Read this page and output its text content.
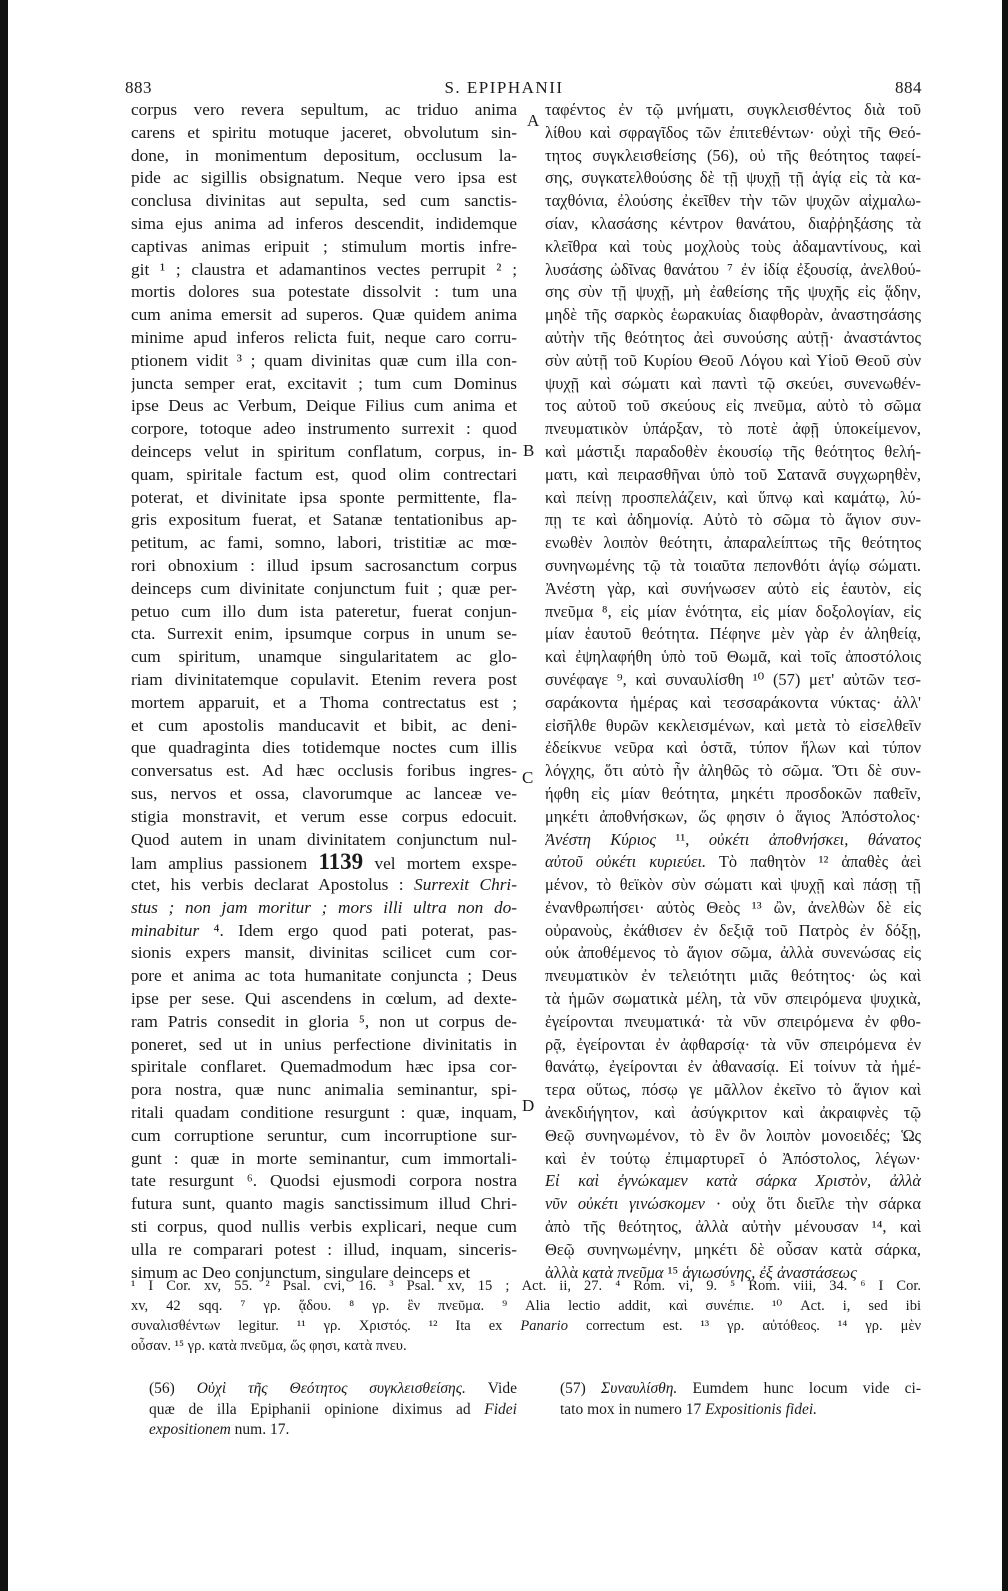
S. EPIPHANII
883	884
corpus vero revera sepultum, ac triduo anima
carens et spiritu motuque jaceret, obvolutum sin-
done, in monimentum depositum, occlusum la-
pide ac sigillis obsignatum. Neque vero ipsa est
conclusa divinitas aut sepulta, sed cum sanctis-
sima ejus anima ad inferos descendit, indidemque
captivas animas eripuit ; stimulum mortis infre-
git ¹ ; claustra et adamantinos vectes perrupit ² ;
mortis dolores sua potestate dissolvit : tum una
cum anima emersit ad superos. Quæ quidem anima
minime apud inferos relicta fuit, neque caro corru-
ptionem vidit ³ ; quam divinitas quæ cum illa con-
juncta semper erat, excitavit ; tum cum Dominus
ipse Deus ac Verbum, Deique Filius cum anima et
corpore, totoque adeo instrumento surrexit : quod
deinceps velut in spiritum conflatum, corpus, in-
quam, spiritale factum est, quod olim contrectari
poterat, et divinitate ipsa sponte permittente, fla-
gris expositum fuerat, et Satanæ tentationibus ap-
petitum, ac fami, somno, labori, tristitiæ ac mœ-
rori obnoxium : illud ipsum sacrosanctum corpus
deinceps cum divinitate conjunctum fuit ; quæ per-
petuo cum illo dum ista pateretur, fuerat conjun-
cta. Surrexit enim, ipsumque corpus in unum se-
cum spiritum, unamque singularitatem ac glo-
riam divinitatemque copulavit. Etenim revera post
mortem apparuit, et a Thoma contrectatus est ;
et cum apostolis manducavit et bibit, ac deni-
que quadraginta dies totidemque noctes cum illis
conversatus est. Ad hæc occlusis foribus ingres-
sus, nervos et ossa, clavorumque ac lanceæ ve-
stigia monstravit, et verum esse corpus edocuit.
Quod autem in unam divinitatem conjunctum nul-
lam amplius passionem 1139 vel mortem exspe-
ctet, his verbis declarat Apostolus : Surrexit Chri-
stus ; non jam moritur ; mors illi ultra non do-
minabitur ⁴. Idem ergo quod pati poterat, pas-
sionis expers mansit, divinitas scilicet cum cor-
pore et anima ac tota humanitate conjuncta ; Deus
ipse per sese. Qui ascendens in cœlum, ad dexte-
ram Patris consedit in gloria ⁵, non ut corpus de-
poneret, sed ut in unius perfectione divinitatis in
spiritale conflaret. Quemadmodum hæc ipsa cor-
pora nostra, quæ nunc animalia seminantur, spi-
ritali quadam conditione resurgunt : quæ, inquam,
cum corruptione seruntur, cum incorruptione sur-
gunt : quæ in morte seminantur, cum immortali-
tate resurgunt ⁶. Quodsi ejusmodi corpora nostra
futura sunt, quanto magis sanctissimum illud Chri-
sti corpus, quod nullis verbis explicari, neque cum
ulla re comparari potest : illud, inquam, sinceris-
simum ac Deo conjunctum, singulare deinceps et
ταφέντος ἐν τῷ μνήματι, συγκλεισθέντος διὰ τοῦ
λίθου καὶ σφραγῖδος τῶν ἐπιτεθέντων· οὐχὶ τῆς Θεό-
τητος συγκλεισθείσης (56), οὐ τῆς θεότητος ταφεί-
σης, συγκατελθούσης δὲ τῇ ψυχῇ τῇ ἁγίᾳ εἰς τὰ κα-
ταχθόνια, ἐλούσης ἐκεῖθεν τὴν τῶν ψυχῶν αἰχμαλω-
σίαν, κλασάσης κέντρον θανάτου, διαῤῥηξάσης τὰ
κλεῖθρα καὶ τοὺς μοχλοὺς τοὺς ἀδαμαντίνους, καὶ
λυσάσης ὠδῖνας θανάτου ⁷ ἐν ἰδίᾳ ἐξουσίᾳ, ἀνελθού-
σης σὺν τῇ ψυχῇ, μὴ ἐαθείσης τῆς ψυχῆς εἰς ᾅδην,
μηδὲ τῆς σαρκὸς ἑωρακυίας διαφθορὰν, ἀναστησάσης
αὐτὴν τῆς θεότητος ἀεὶ συνούσης αὐτῇ· ἀναστάντος
σὺν αὐτῇ τοῦ Κυρίου Θεοῦ Λόγου καὶ Υἱοῦ Θεοῦ σὺν
ψυχῇ καὶ σώματι καὶ παντὶ τῷ σκεύει, συνενωθέν-
τος αὐτοῦ τοῦ σκεύους εἰς πνεῦμα, αὐτὸ τὸ σῶμα
πνευματικὸν ὑπάρξαν, τὸ ποτὲ ἀφῇ ὑποκείμενον,
καὶ μάστιξι παραδοθὲν ἑκουσίῳ τῆς θεότητος θελή-
ματι, καὶ πειρασθῆναι ὑπὸ τοῦ Σατανᾶ συγχωρηθὲν,
καὶ πείνῃ προσπελάζειν, καὶ ὕπνῳ καὶ καμάτῳ, λύ-
πῃ τε καὶ ἀδημονίᾳ. Αὐτὸ τὸ σῶμα τὸ ἅγιον συν-
ενωθὲν λοιπὸν θεότητι, ἀπαραλείπτως τῆς θεότητος
συνηνωμένης τῷ τὰ τοιαῦτα πεπονθότι ἁγίῳ σώματι.
Ἀνέστη γὰρ, καὶ συνήνωσεν αὐτὸ εἰς ἑαυτὸν, εἰς
πνεῦμα ⁸, εἰς μίαν ἑνότητα, εἰς μίαν δοξολογίαν, εἰς
μίαν ἑαυτοῦ θεότητα. Πέφηνε μὲν γὰρ ἐν ἀληθείᾳ,
καὶ ἐψηλαφήθη ὑπὸ τοῦ Θωμᾶ, καὶ τοῖς ἀποστόλοις
συνέφαγε ⁹, καὶ συναυλίσθη ¹⁰ (57) μετ' αὐτῶν τεσ-
σαράκοντα ἡμέρας καὶ τεσσαράκοντα νύκτας· ἀλλ'
εἰσῆλθε θυρῶν κεκλεισμένων, καὶ μετὰ τὸ εἰσελθεῖν
ἐδείκνυε νεῦρα καὶ ὀστᾶ, τύπον ἥλων καὶ τύπον
λόγχης, ὅτι αὐτὸ ἦν ἀληθῶς τὸ σῶμα. Ὅτι δὲ συν-
ήφθη εἰς μίαν θεότητα, μηκέτι προσδοκῶν παθεῖν,
μηκέτι ἀποθνήσκων, ὥς φησιν ὁ ἅγιος Ἀπόστολος·
Ἀνέστη Κύριος ¹¹, οὐκέτι ἀποθνήσκει, θάνατος
αὐτοῦ οὐκέτι κυριεύει. Τὸ παθητὸν ¹² ἀπαθὲς ἀεὶ
μένον, τὸ θεϊκὸν σὺν σώματι καὶ ψυχῇ καὶ πάσῃ τῇ
ἐνανθρωπήσει· αὐτὸς Θεὸς ¹³ ὢν, ἀνελθὼν δὲ εἰς
οὐρανοὺς, ἐκάθισεν ἐν δεξιᾷ τοῦ Πατρὸς ἐν δόξῃ,
οὐκ ἀποθέμενος τὸ ἅγιον σῶμα, ἀλλὰ συνενώσας εἰς
πνευματικὸν ἐν τελειότητι μιᾶς θεότητος· ὡς καὶ
τὰ ἡμῶν σωματικὰ μέλη, τὰ νῦν σπειρόμενα ψυχικὰ,
ἐγείρονται πνευματικά· τὰ νῦν σπειρόμενα ἐν φθο-
ρᾷ, ἐγείρονται ἐν ἀφθαρσίᾳ· τὰ νῦν σπειρόμενα ἐν
θανάτῳ, ἐγείρονται ἐν ἀθανασίᾳ. Εἰ τοίνυν τὰ ἡμέ-
τερα οὕτως, πόσῳ γε μᾶλλον ἐκεῖνο τὸ ἅγιον καὶ
ἀνεκδιήγητον, καὶ ἀσύγκριτον καὶ ἀκραιφνὲς τῷ
Θεῷ συνηνωμένον, τὸ ἓν ὂν λοιπὸν μονοειδές; Ὡς
καὶ ἐν τούτῳ ἐπιμαρτυρεῖ ὁ Ἀπόστολος, λέγων·
Εἰ καὶ ἐγνώκαμεν κατὰ σάρκα Χριστὸν, ἀλλὰ
νῦν οὐκέτι γινώσκομεν · οὐχ ὅτι διεῖλε τὴν σάρκα
ἀπὸ τῆς θεότητος, ἀλλὰ αὐτὴν μένουσαν ¹⁴, καὶ
Θεῷ συνηνωμένην, μηκέτι δὲ οὖσαν κατὰ σάρκα,
ἀλλὰ κατὰ πνεῦμα ¹⁵ ἁγιωσύνης, ἐξ ἀναστάσεως
A
B
C
D
¹ I Cor. xv, 55. ² Psal. cvi, 16. ³ Psal. xv, 15 ; Act. ii, 27. ⁴ Rom. vi, 9. ⁵ Rom. viii, 34. ⁶ I Cor.
xv, 42 sqq. ⁷ γρ. ᾅδου. ⁸ γρ. ἓν πνεῦμα. ⁹ Alia lectio addit, καὶ συνέπιε. ¹⁰ Act. i, sed ibi
συναλισθέντων legitur. ¹¹ γρ. Χριστός. ¹² Ita ex Panario correctum est. ¹³ γρ. αὐτόθεος. ¹⁴ γρ. μὲν
οὖσαν. ¹⁵ γρ. κατὰ πνεῦμα, ὥς φησι, κατὰ πνευ.
(56) Οὐχὶ τῆς Θεότητος συγκλεισθείσης. Vide
quæ de illa Epiphanii opinione diximus ad Fidei
expositionem num. 17.
(57) Συναυλίσθη. Eumdem hunc locum vide ci-
tato mox in numero 17 Expositionis fidei.
